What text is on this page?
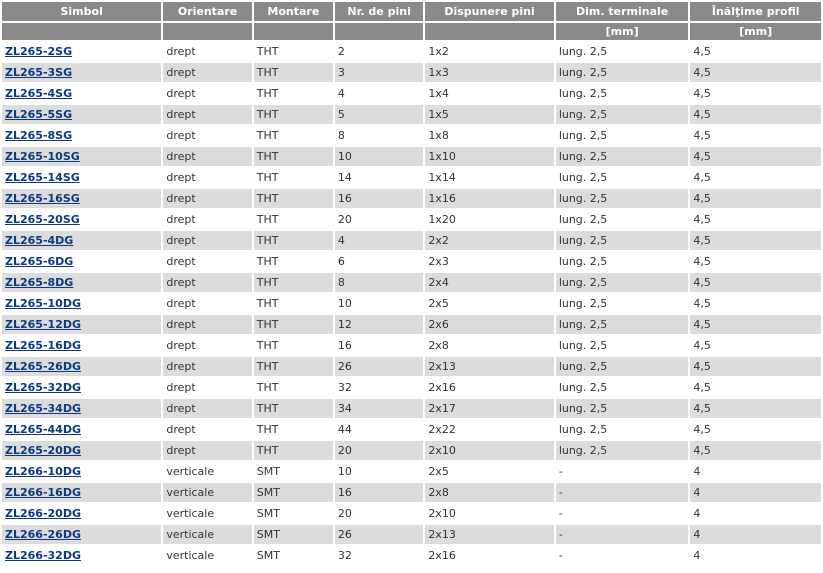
Simbol	Orientare	Montare	Nr. de pini	Dispunere pini	Dim. terminale	Înălţime profil
					[mm]	[mm]
ZL265-2SG	drept	THT	2	1x2	lung. 2,5	4,5
ZL265-3SG	drept	THT	3	1x3	lung. 2,5	4,5
ZL265-4SG	drept	THT	4	1x4	lung. 2,5	4,5
ZL265-5SG	drept	THT	5	1x5	lung. 2,5	4,5
ZL265-8SG	drept	THT	8	1x8	lung. 2,5	4,5
ZL265-10SG	drept	THT	10	1x10	lung. 2,5	4,5
ZL265-14SG	drept	THT	14	1x14	lung. 2,5	4,5
ZL265-16SG	drept	THT	16	1x16	lung. 2,5	4,5
ZL265-20SG	drept	THT	20	1x20	lung. 2,5	4,5
ZL265-4DG	drept	THT	4	2x2	lung. 2,5	4,5
ZL265-6DG	drept	THT	6	2x3	lung. 2,5	4,5
ZL265-8DG	drept	THT	8	2x4	lung. 2,5	4,5
ZL265-10DG	drept	THT	10	2x5	lung. 2,5	4,5
ZL265-12DG	drept	THT	12	2x6	lung. 2,5	4,5
ZL265-16DG	drept	THT	16	2x8	lung. 2,5	4,5
ZL265-26DG	drept	THT	26	2x13	lung. 2,5	4,5
ZL265-32DG	drept	THT	32	2x16	lung. 2,5	4,5
ZL265-34DG	drept	THT	34	2x17	lung. 2,5	4,5
ZL265-44DG	drept	THT	44	2x22	lung. 2,5	4,5
ZL265-20DG	drept	THT	20	2x10	lung. 2,5	4,5
ZL266-10DG	verticale	SMT	10	2x5	-	4
ZL266-16DG	verticale	SMT	16	2x8	-	4
ZL266-20DG	verticale	SMT	20	2x10	-	4
ZL266-26DG	verticale	SMT	26	2x13	-	4
ZL266-32DG	verticale	SMT	32	2x16	-	4
